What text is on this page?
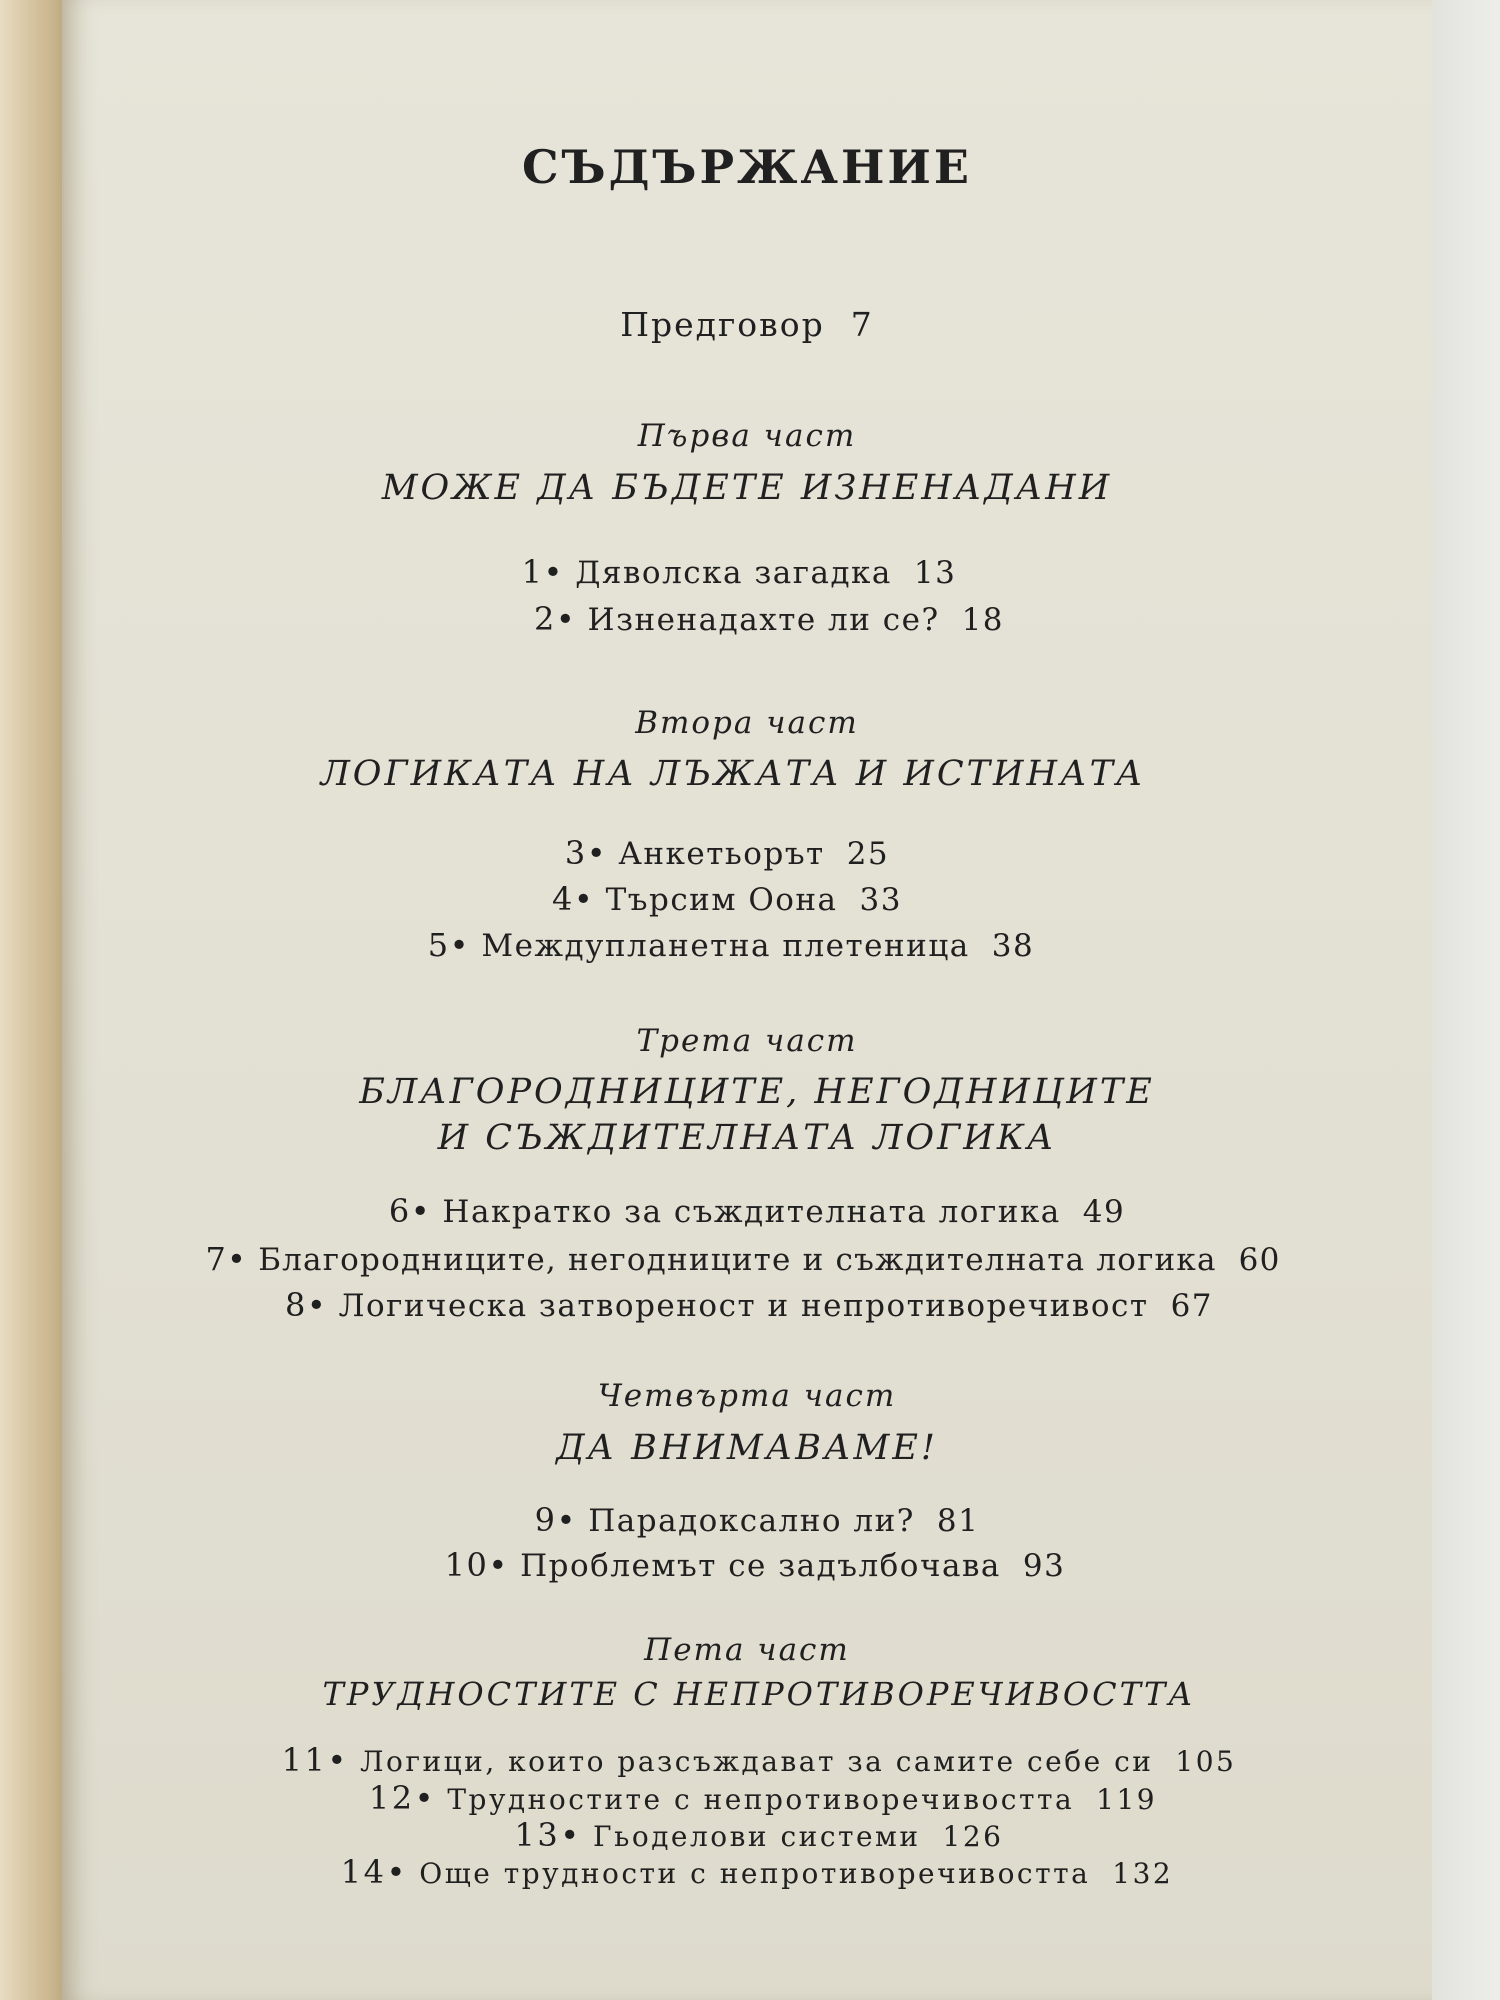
СЪДЪРЖАНИЕ
Предговор 7
Първа част
МОЖЕ ДА БЪДЕТЕ ИЗНЕНАДАНИ
1• Дяволска загадка 13
2• Изненадахте ли се? 18
Втора част
ЛОГИКАТА НА ЛЪЖАТА И ИСТИНАТА
3• Анкетьорът 25
4• Търсим Оона 33
5• Междупланетна плетеница 38
Трета част
БЛАГОРОДНИЦИТЕ, НЕГОДНИЦИТЕ
И СЪЖДИТЕЛНАТА ЛОГИКА
6• Накратко за съждителната логика 49
7• Благородниците, негодниците и съждителната логика 60
8• Логическа затвореност и непротиворечивост 67
Четвърта част
ДА ВНИМАВАМЕ!
9• Парадоксално ли? 81
10• Проблемът се задълбочава 93
Пета част
ТРУДНОСТИТЕ С НЕПРОТИВОРЕЧИВОСТТА
11• Логици, които разсъждават за самите себе си 105
12• Трудностите с непротиворечивостта 119
13• Гьоделови системи 126
14• Още трудности с непротиворечивостта 132
